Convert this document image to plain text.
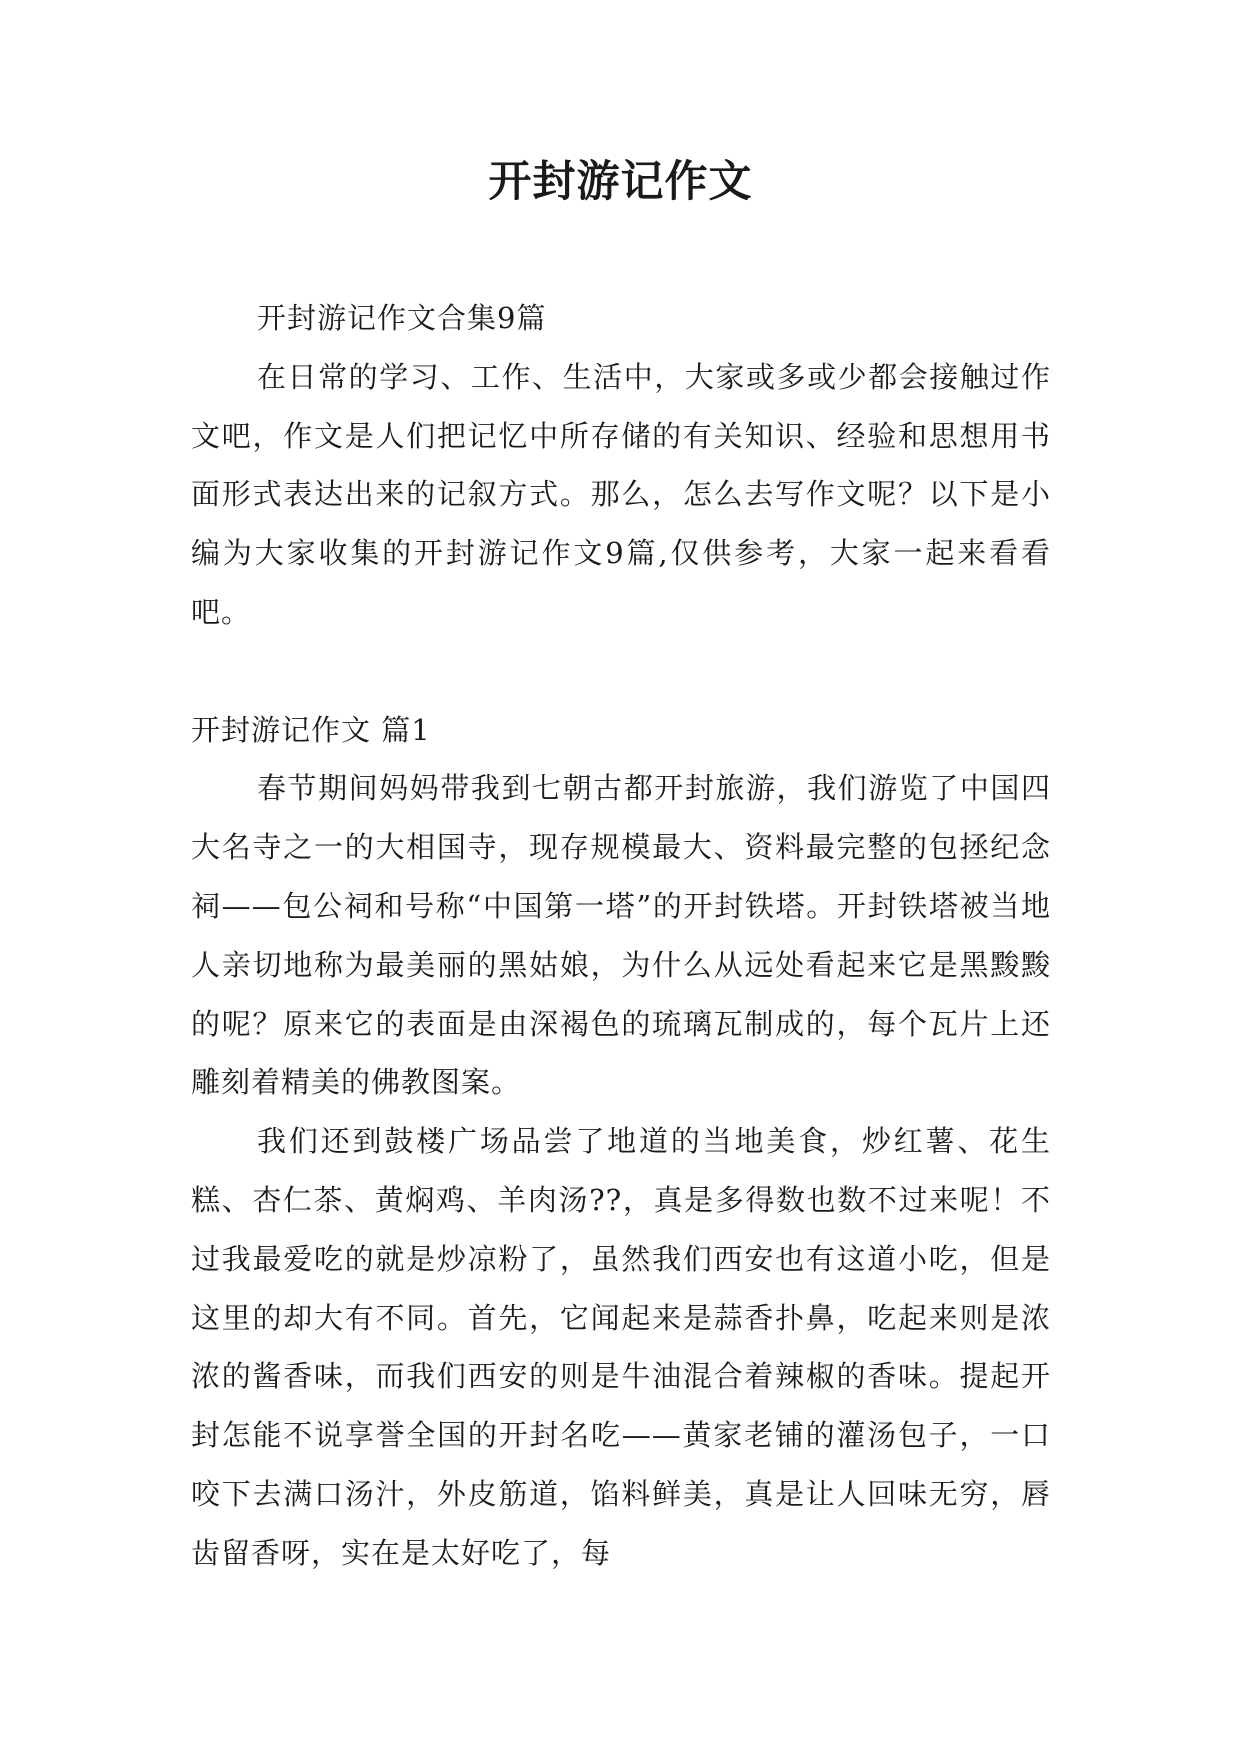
开封游记作文

开封游记作文合集9篇

在日常的学习、工作、生活中，大家或多或少都会接触过作文吧，作文是人们把记忆中所存储的有关知识、经验和思想用书面形式表达出来的记叙方式。那么，怎么去写作文呢？以下是小编为大家收集的开封游记作文9篇,仅供参考，大家一起来看看吧。

开封游记作文 篇1

春节期间妈妈带我到七朝古都开封旅游，我们游览了中国四大名寺之一的大相国寺，现存规模最大、资料最完整的包拯纪念祠——包公祠和号称“中国第一塔”的开封铁塔。开封铁塔被当地人亲切地称为最美丽的黑姑娘，为什么从远处看起来它是黑黢黢的呢？原来它的表面是由深褐色的琉璃瓦制成的，每个瓦片上还雕刻着精美的佛教图案。

我们还到鼓楼广场品尝了地道的当地美食，炒红薯、花生糕、杏仁茶、黄焖鸡、羊肉汤??，真是多得数也数不过来呢！不过我最爱吃的就是炒凉粉了，虽然我们西安也有这道小吃，但是这里的却大有不同。首先，它闻起来是蒜香扑鼻，吃起来则是浓浓的酱香味，而我们西安的则是牛油混合着辣椒的香味。提起开封怎能不说享誉全国的开封名吃——黄家老铺的灌汤包子，一口咬下去满口汤汁，外皮筋道，馅料鲜美，真是让人回味无穷，唇齿留香呀，实在是太好吃了，每
